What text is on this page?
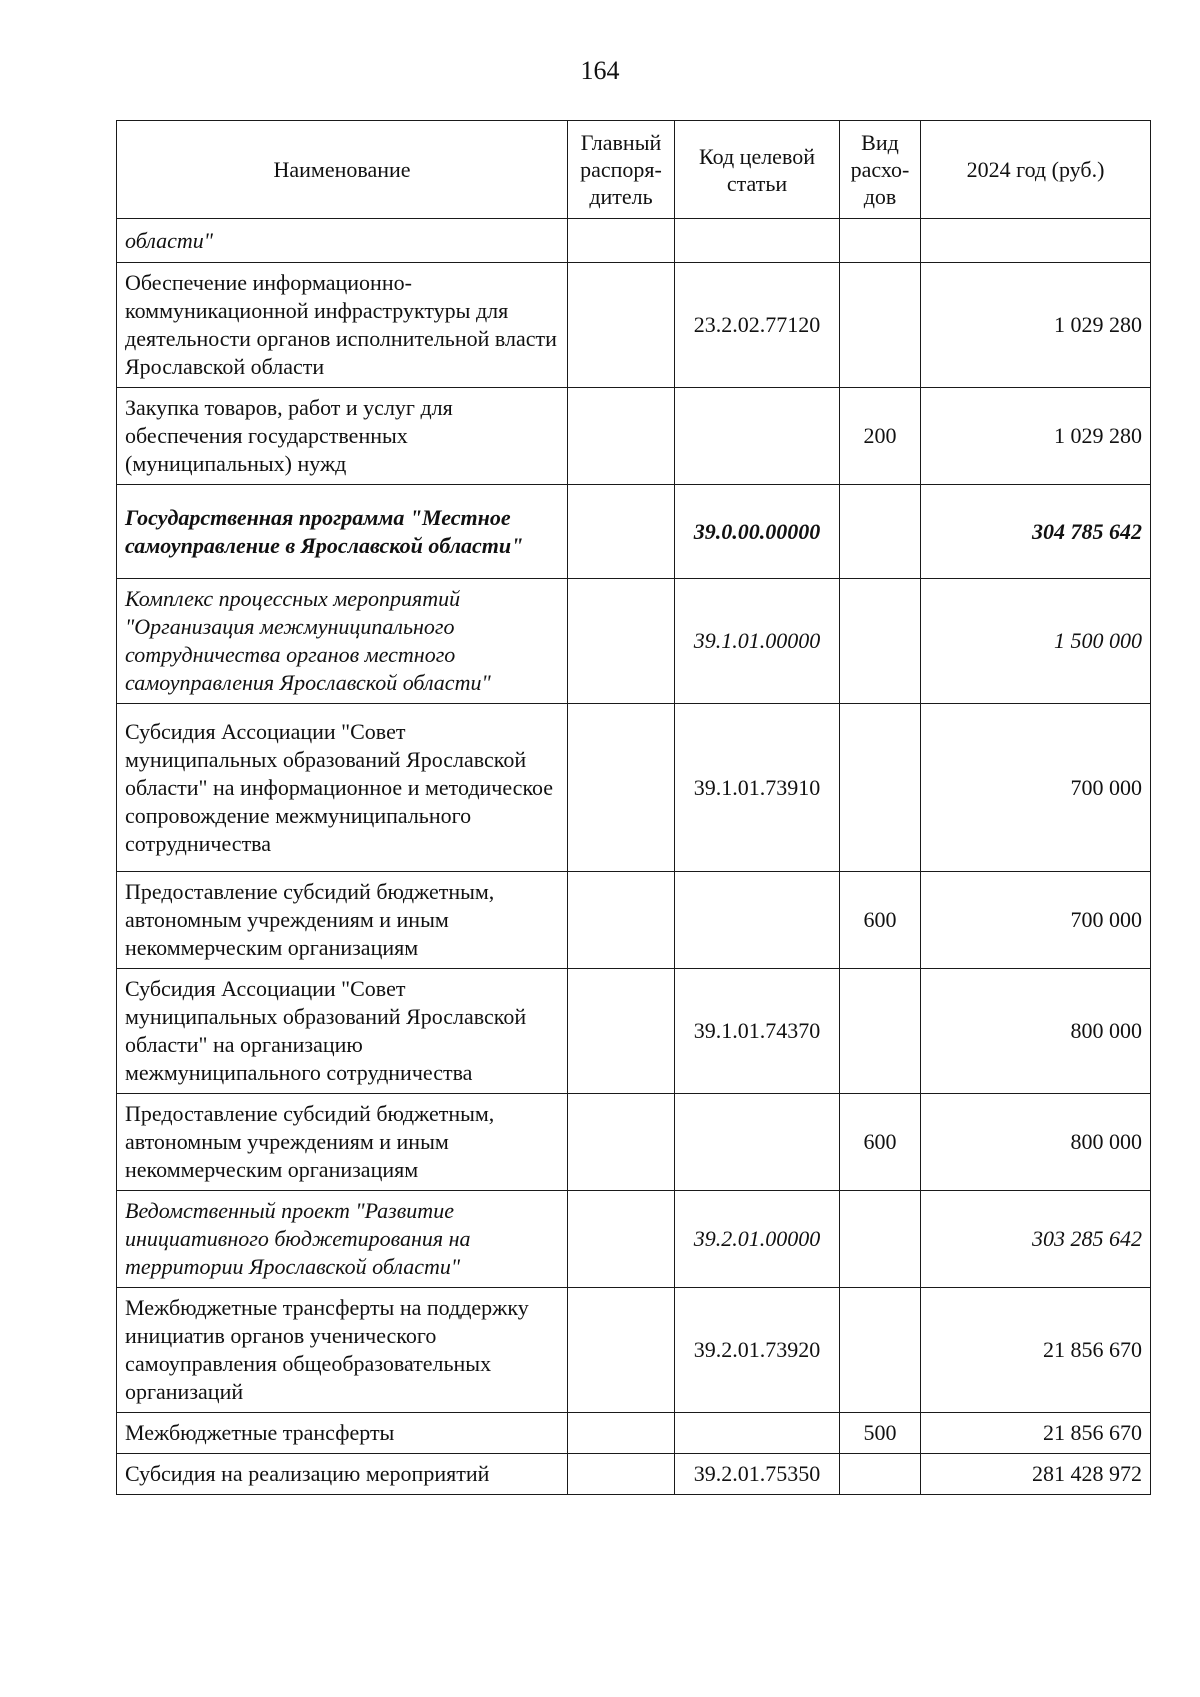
164
Наименование	Главный распоря-дитель	Код целевой статьи	Вид расхо-дов	2024 год (руб.)
области"				
Обеспечение информационно-коммуникационной инфраструктуры для деятельности органов исполнительной власти Ярославской области		23.2.02.77120		1 029 280
Закупка товаров, работ и услуг для обеспечения государственных (муниципальных) нужд			200	1 029 280
Государственная программа "Местное самоуправление в Ярославской области"		39.0.00.00000		304 785 642
Комплекс процессных мероприятий "Организация межмуниципального сотрудничества органов местного самоуправления Ярославской области"		39.1.01.00000		1 500 000
Субсидия Ассоциации "Совет муниципальных образований Ярославской области" на информационное и методическое сопровождение межмуниципального сотрудничества		39.1.01.73910		700 000
Предоставление субсидий бюджетным, автономным учреждениям и иным некоммерческим организациям			600	700 000
Субсидия Ассоциации "Совет муниципальных образований Ярославской области" на организацию межмуниципального сотрудничества		39.1.01.74370		800 000
Предоставление субсидий бюджетным, автономным учреждениям и иным некоммерческим организациям			600	800 000
Ведомственный проект "Развитие инициативного бюджетирования на территории Ярославской области"		39.2.01.00000		303 285 642
Межбюджетные трансферты на поддержку инициатив органов ученического самоуправления общеобразовательных организаций		39.2.01.73920		21 856 670
Межбюджетные трансферты			500	21 856 670
Субсидия на реализацию мероприятий		39.2.01.75350		281 428 972
